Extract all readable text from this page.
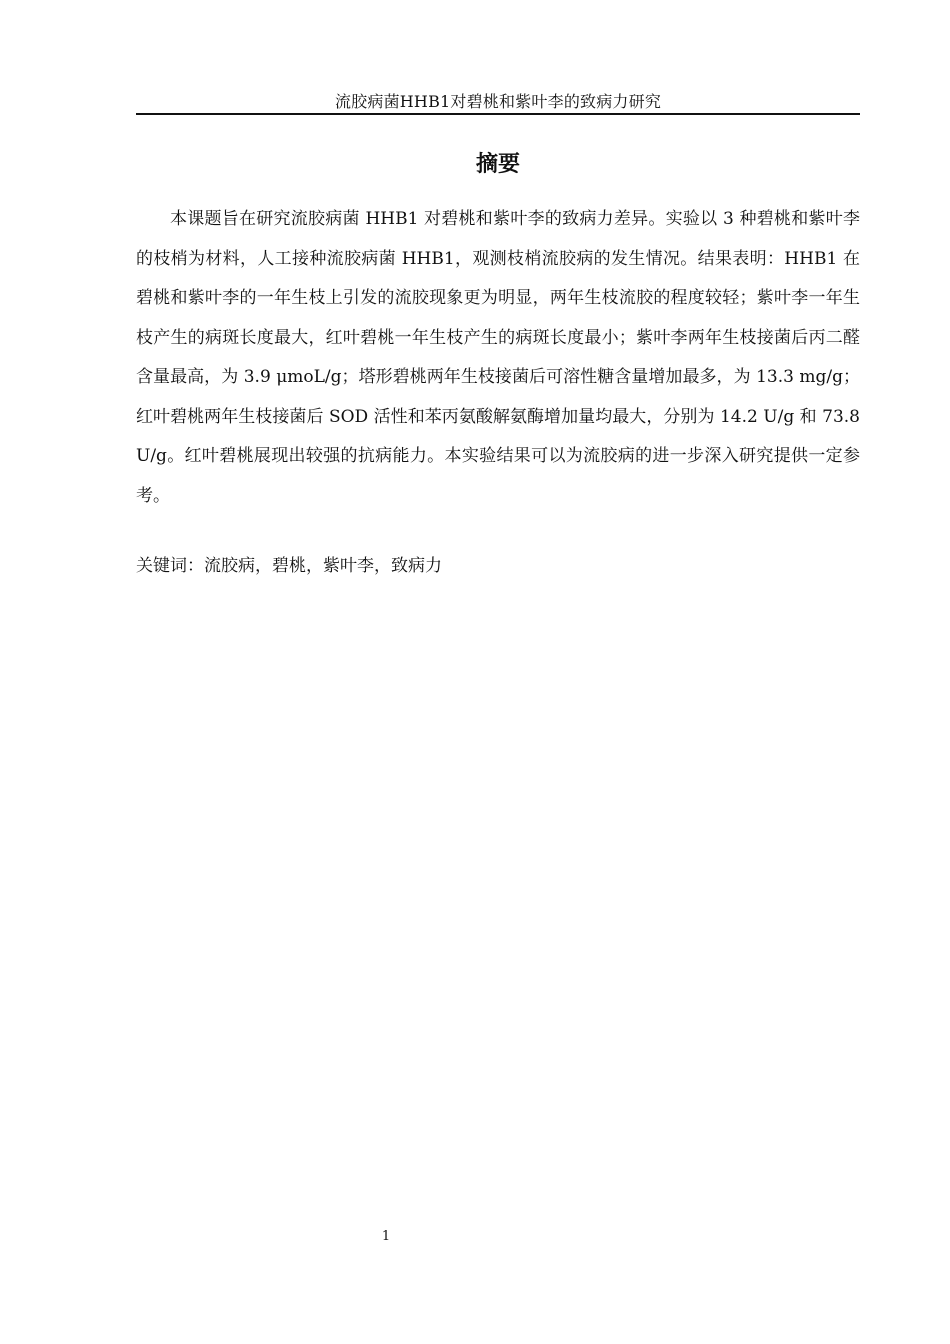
流胶病菌HHB1对碧桃和紫叶李的致病力研究
摘要

本课题旨在研究流胶病菌 HHB1 对碧桃和紫叶李的致病力差异。实验以 3 种碧桃和紫叶李的枝梢为材料，人工接种流胶病菌 HHB1，观测枝梢流胶病的发生情况。结果表明：HHB1 在碧桃和紫叶李的一年生枝上引发的流胶现象更为明显，两年生枝流胶的程度较轻；紫叶李一年生枝产生的病斑长度最大，红叶碧桃一年生枝产生的病斑长度最小；紫叶李两年生枝接菌后丙二醛含量最高，为 3.9 μmoL/g；塔形碧桃两年生枝接菌后可溶性糖含量增加最多，为 13.3 mg/g；红叶碧桃两年生枝接菌后 SOD 活性和苯丙氨酸解氨酶增加量均最大，分别为 14.2 U/g 和 73.8 U/g。红叶碧桃展现出较强的抗病能力。本实验结果可以为流胶病的进一步深入研究提供一定参考。

关键词：流胶病，碧桃，紫叶李，致病力
1
